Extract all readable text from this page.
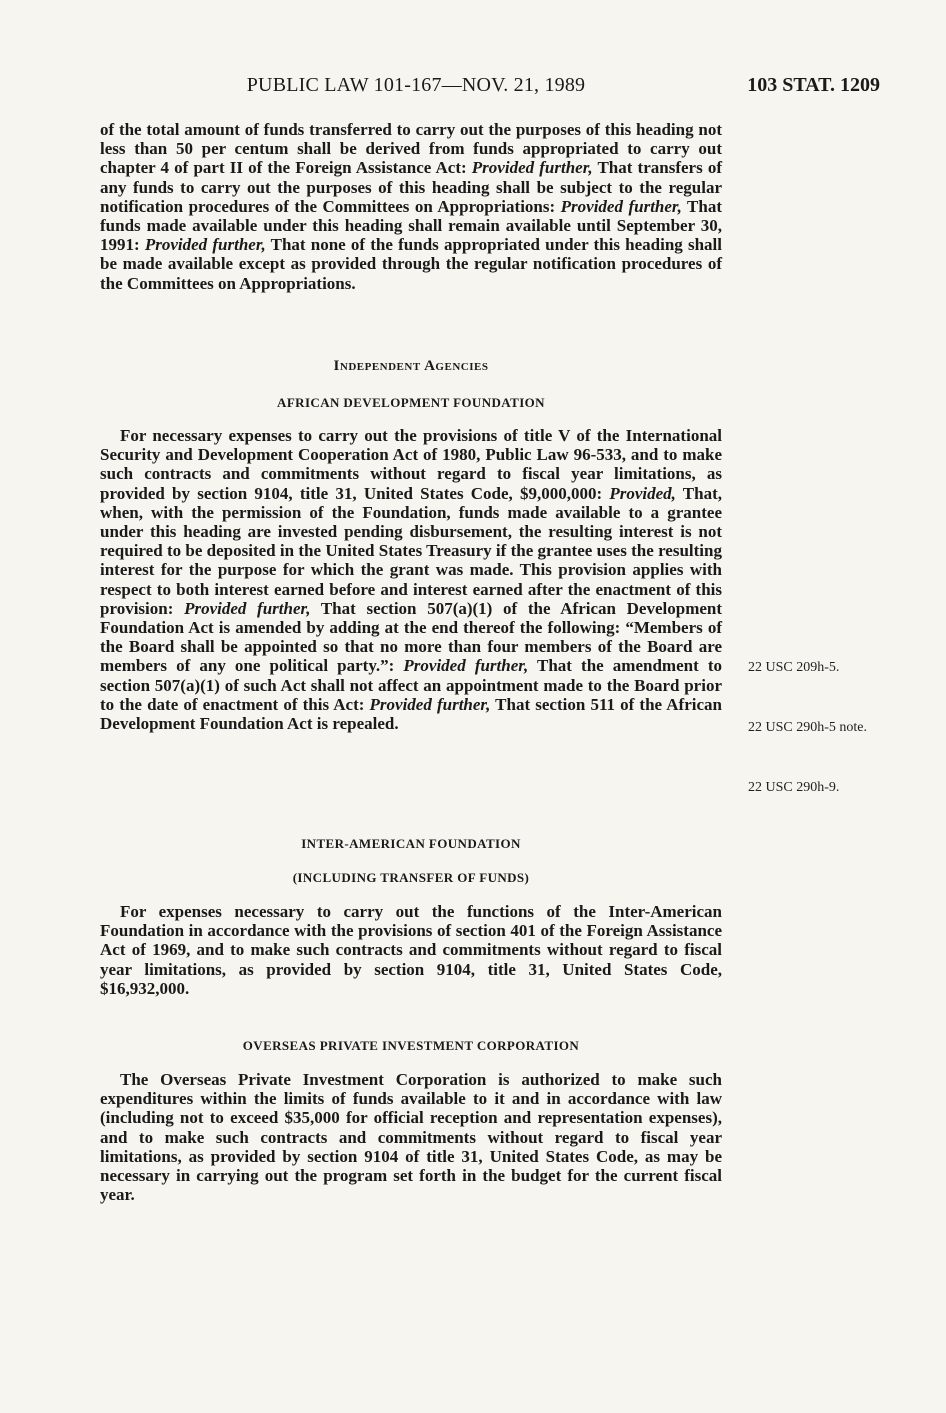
PUBLIC LAW 101-167—NOV. 21, 1989	103 STAT. 1209

of the total amount of funds transferred to carry out the purposes of this heading not less than 50 per centum shall be derived from funds appropriated to carry out chapter 4 of part II of the Foreign Assistance Act: Provided further, That transfers of any funds to carry out the purposes of this heading shall be subject to the regular notification procedures of the Committees on Appropriations: Provided further, That funds made available under this heading shall remain available until September 30, 1991: Provided further, That none of the funds appropriated under this heading shall be made available except as provided through the regular notification procedures of the Committees on Appropriations.

Independent Agencies

AFRICAN DEVELOPMENT FOUNDATION

For necessary expenses to carry out the provisions of title V of the International Security and Development Cooperation Act of 1980, Public Law 96-533, and to make such contracts and commitments without regard to fiscal year limitations, as provided by section 9104, title 31, United States Code, $9,000,000: Provided, That, when, with the permission of the Foundation, funds made available to a grantee under this heading are invested pending disbursement, the resulting interest is not required to be deposited in the United States Treasury if the grantee uses the resulting interest for the purpose for which the grant was made. This provision applies with respect to both interest earned before and interest earned after the enactment of this provision: Provided further, That section 507(a)(1) of the African Development Foundation Act is amended by adding at the end thereof the following: “Members of the Board shall be appointed so that no more than four members of the Board are members of any one political party.”: Provided further, That the amendment to section 507(a)(1) of such Act shall not affect an appointment made to the Board prior to the date of enactment of this Act: Provided further, That section 511 of the African Development Foundation Act is repealed.

22 USC 209h-5.
22 USC 290h-5 note.
22 USC 290h-9.

INTER-AMERICAN FOUNDATION

(INCLUDING TRANSFER OF FUNDS)

For expenses necessary to carry out the functions of the Inter-American Foundation in accordance with the provisions of section 401 of the Foreign Assistance Act of 1969, and to make such contracts and commitments without regard to fiscal year limitations, as provided by section 9104, title 31, United States Code, $16,932,000.

OVERSEAS PRIVATE INVESTMENT CORPORATION

The Overseas Private Investment Corporation is authorized to make such expenditures within the limits of funds available to it and in accordance with law (including not to exceed $35,000 for official reception and representation expenses), and to make such contracts and commitments without regard to fiscal year limitations, as provided by section 9104 of title 31, United States Code, as may be necessary in carrying out the program set forth in the budget for the current fiscal year.
